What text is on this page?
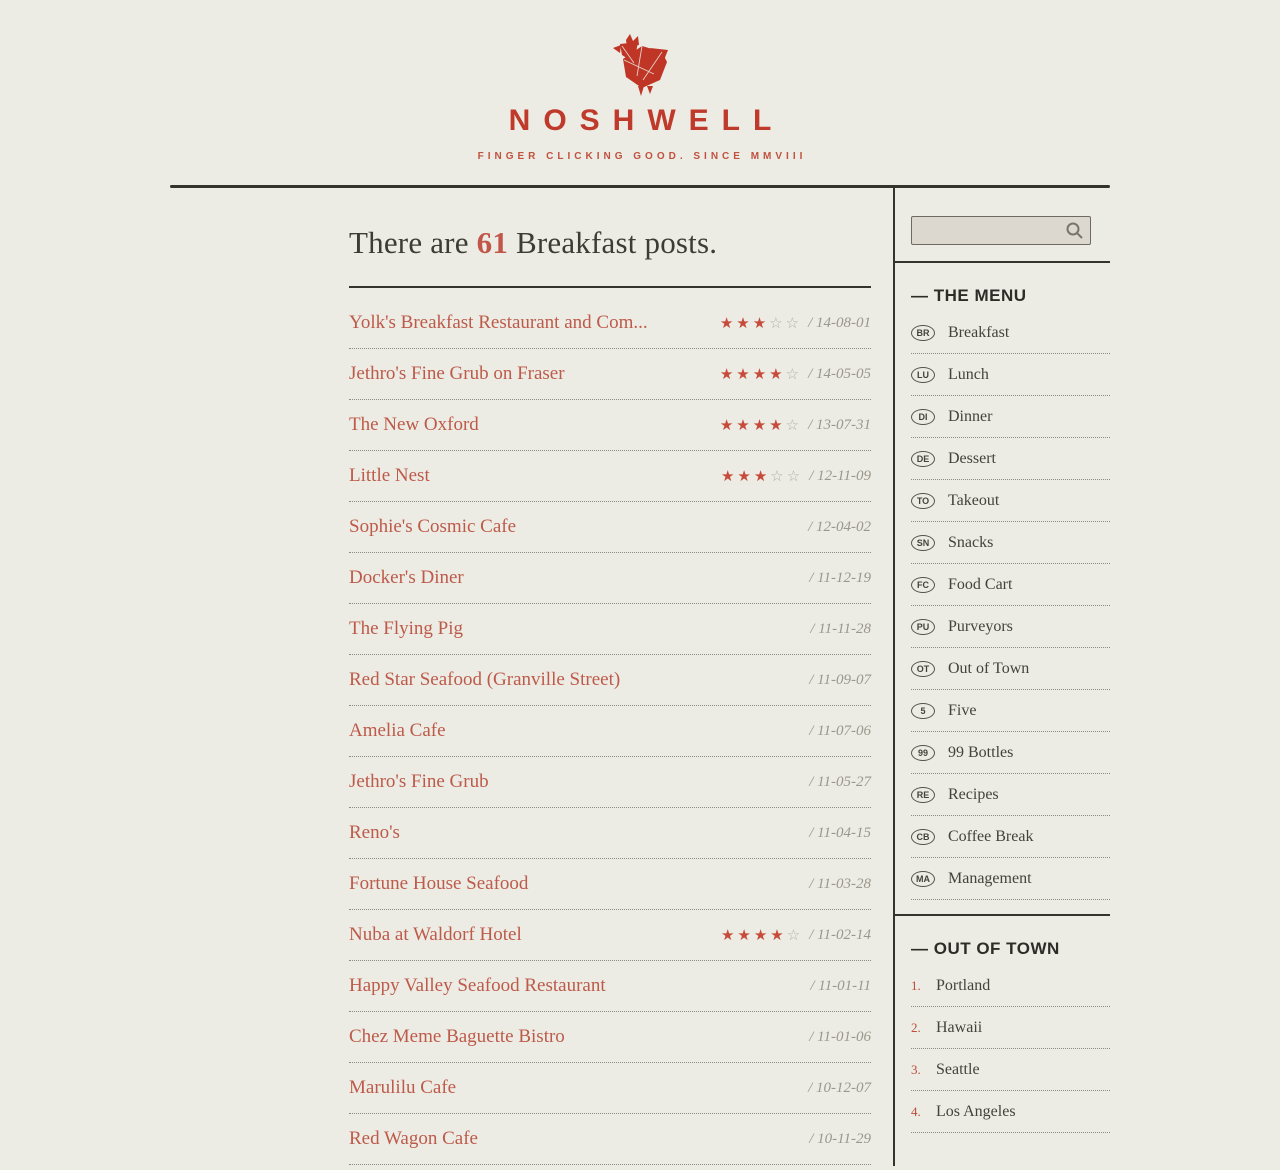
NOSHWELL
FINGER CLICKING GOOD. SINCE MMVIII
There are 61 Breakfast posts.
Yolk's Breakfast Restaurant and Com...	★★★☆☆ / 14-08-01
Jethro's Fine Grub on Fraser	★★★★☆ / 14-05-05
The New Oxford	★★★★☆ / 13-07-31
Little Nest	★★★☆☆ / 12-11-09
Sophie's Cosmic Cafe	/ 12-04-02
Docker's Diner	/ 11-12-19
The Flying Pig	/ 11-11-28
Red Star Seafood (Granville Street)	/ 11-09-07
Amelia Cafe	/ 11-07-06
Jethro's Fine Grub	/ 11-05-27
Reno's	/ 11-04-15
Fortune House Seafood	/ 11-03-28
Nuba at Waldorf Hotel	★★★★☆ / 11-02-14
Happy Valley Seafood Restaurant	/ 11-01-11
Chez Meme Baguette Bistro	/ 11-01-06
Marulilu Cafe	/ 10-12-07
Red Wagon Cafe	/ 10-11-29
— THE MENU
BR	Breakfast
LU	Lunch
DI	Dinner
DE	Dessert
TO	Takeout
SN	Snacks
FC	Food Cart
PU	Purveyors
OT	Out of Town
5	Five
99	99 Bottles
RE	Recipes
CB	Coffee Break
MA	Management
— OUT OF TOWN
1. Portland
2. Hawaii
3. Seattle
4. Los Angeles
